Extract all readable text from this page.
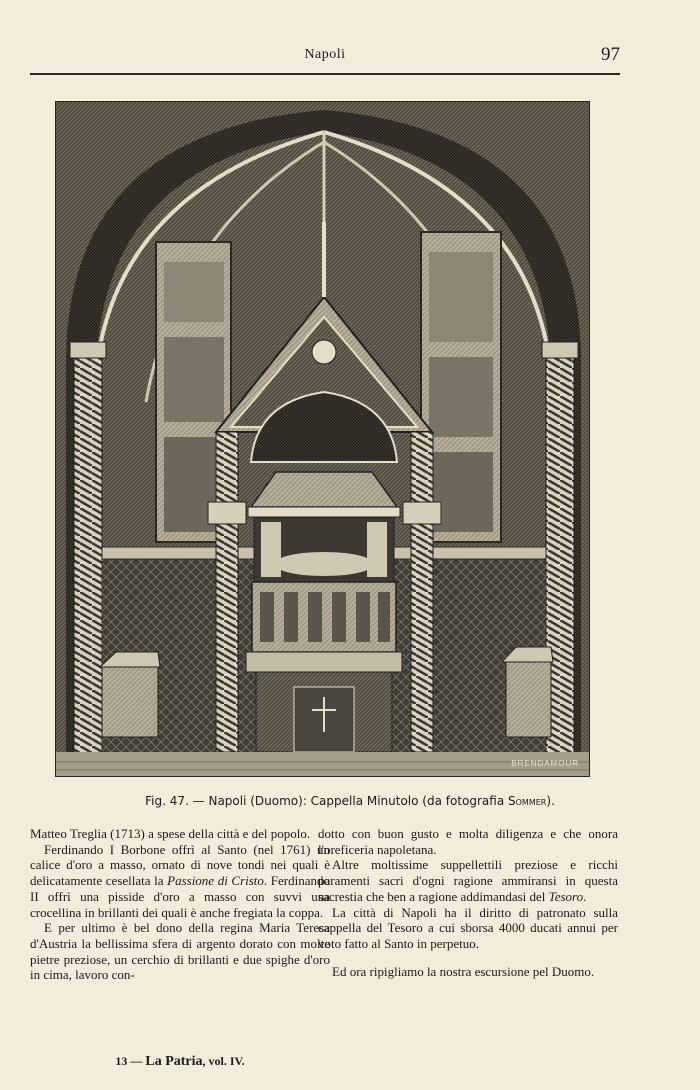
Napoli	97
BRENDAMOUR
Fig. 47. — Napoli (Duomo): Cappella Minutolo (da fotografia Sommer).

Matteo Treglia (1713) a spese della città e del popolo.

Ferdinando I Borbone offrì al Santo (nel 1761) un calice d'oro a masso, ornato di nove tondi nei quali è delicatamente cesellata la Passione di Cristo. Ferdinando II offrì una pisside d'oro a masso con suvvi una crocellina in brillanti dei quali è anche fregiata la coppa.

E per ultimo è bel dono della regina Maria Teresa d'Austria la bellissima sfera di argento dorato con molte pietre preziose, un cerchio di brillanti e due spighe d'oro in cima, lavoro con-

dotto con buon gusto e molta diligenza e che onora l'oreficeria napoletana.

Altre moltissime suppellettili preziose e ricchi paramenti sacri d'ogni ragione ammiransi in questa sacrestia che ben a ragione addimandasi del Tesoro.

La città di Napoli ha il diritto di patronato sulla cappella del Tesoro a cui sborsa 4000 ducati annui per voto fatto al Santo in perpetuo.

Ed ora ripigliamo la nostra escursione pel Duomo.

13 — La Patria, vol. IV.
